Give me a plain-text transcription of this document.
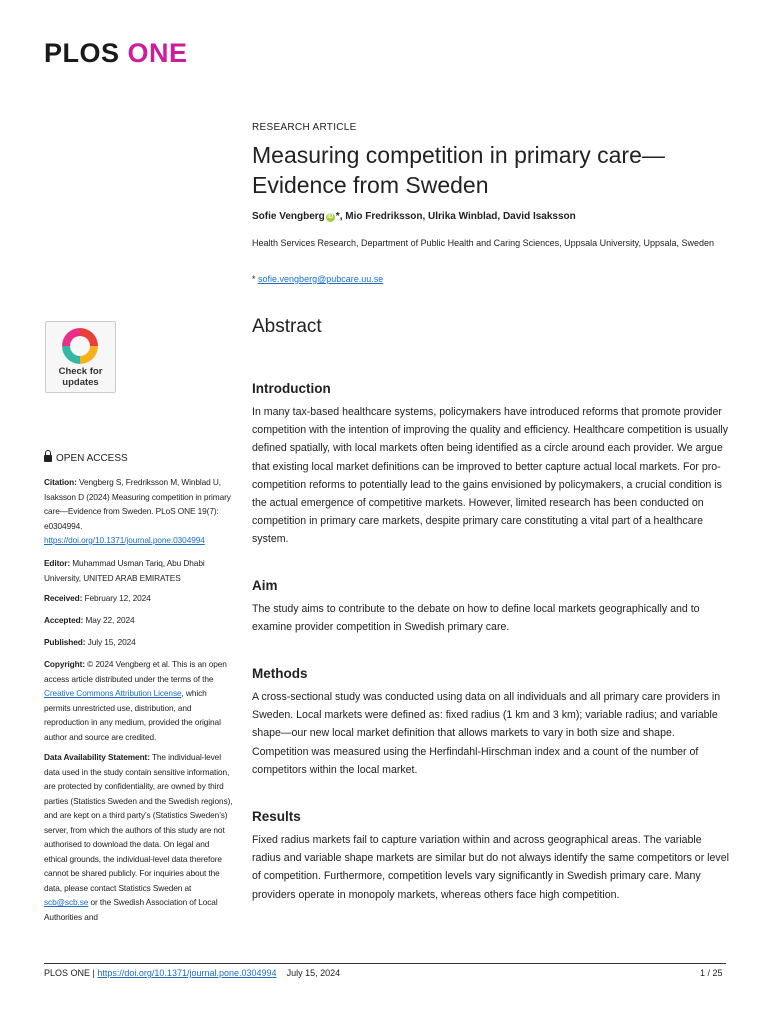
PLOS ONE
RESEARCH ARTICLE
Measuring competition in primary care—Evidence from Sweden
Sofie Vengberg iD *, Mio Fredriksson, Ulrika Winblad, David Isaksson
Health Services Research, Department of Public Health and Caring Sciences, Uppsala University, Uppsala, Sweden
* sofie.vengberg@pubcare.uu.se
Check for
updates
OPEN ACCESS
Citation: Vengberg S, Fredriksson M, Winblad U, Isaksson D (2024) Measuring competition in primary care—Evidence from Sweden. PLoS ONE 19(7): e0304994. https://doi.org/10.1371/journal.pone.0304994
Editor: Muhammad Usman Tariq, Abu Dhabi University, UNITED ARAB EMIRATES
Received: February 12, 2024
Accepted: May 22, 2024
Published: July 15, 2024
Copyright: © 2024 Vengberg et al. This is an open access article distributed under the terms of the Creative Commons Attribution License, which permits unrestricted use, distribution, and reproduction in any medium, provided the original author and source are credited.
Data Availability Statement: The individual-level data used in the study contain sensitive information, are protected by confidentiality, are owned by third parties (Statistics Sweden and the Swedish regions), and are kept on a third party’s (Statistics Sweden’s) server, from which the authors of this study are not authorised to download the data. On legal and ethical grounds, the individual-level data therefore cannot be shared publicly. For inquiries about the data, please contact Statistics Sweden at scb@scb.se or the Swedish Association of Local Authorities and
Abstract
Introduction

In many tax-based healthcare systems, policymakers have introduced reforms that promote provider competition with the intention of improving the quality and efficiency. Healthcare competition is usually defined spatially, with local markets often being identified as a circle around each provider. We argue that existing local market definitions can be improved to better capture actual local markets. For pro-competition reforms to potentially lead to the gains envisioned by policymakers, a crucial condition is the actual emergence of competitive markets. However, limited research has been conducted on competition in primary care markets, despite primary care constituting a vital part of a healthcare system.

Aim

The study aims to contribute to the debate on how to define local markets geographically and to examine provider competition in Swedish primary care.

Methods

A cross-sectional study was conducted using data on all individuals and all primary care providers in Sweden. Local markets were defined as: fixed radius (1 km and 3 km); variable radius; and variable shape—our new local market definition that allows markets to vary in both size and shape. Competition was measured using the Herfindahl-Hirschman index and a count of the number of competitors within the local market.

Results

Fixed radius markets fail to capture variation within and across geographical areas. The variable radius and variable shape markets are similar but do not always identify the same competitors or level of competition. Furthermore, competition levels vary significantly in Swedish primary care. Many providers operate in monopoly markets, whereas others face high competition.

PLOS ONE | https://doi.org/10.1371/journal.pone.0304994 July 15, 2024	1 / 25
